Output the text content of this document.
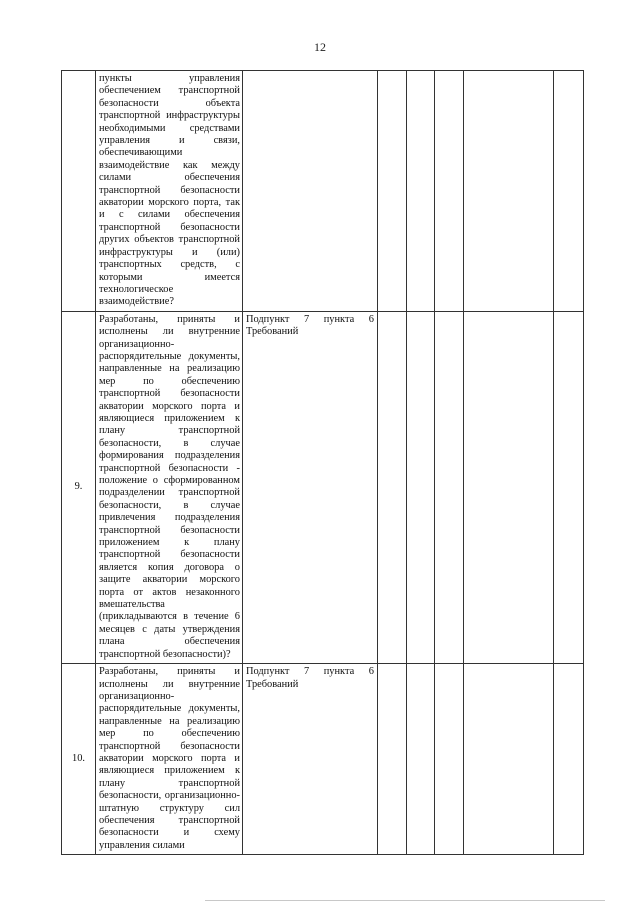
12
	пункты управления обеспечением транспортной безопасности объекта транспортной инфраструктуры необходимыми средствами управления и связи, обеспечивающими взаимодействие как между силами обеспечения транспортной безопасности акватории морского порта, так и с силами обеспечения транспортной безопасности других объектов транспортной инфраструктуры и (или) транспортных средств, с которыми имеется технологическое взаимодействие?	

9.	Разработаны, приняты и исполнены ли внутренние организационно-распорядительные документы, направленные на реализацию мер по обеспечению транспортной безопасности акватории морского порта и являющиеся приложением к плану транспортной безопасности, в случае формирования подразделения транспортной безопасности - положение о сформированном подразделении транспортной безопасности, в случае привлечения подразделения транспортной безопасности приложением к плану транспортной безопасности является копия договора о защите акватории морского порта от актов незаконного вмешательства (прикладываются в течение 6 месяцев с даты утверждения плана обеспечения транспортной безопасности)?	Подпункт 7 пункта 6
Требований					

10.	Разработаны, приняты и исполнены ли внутренние организационно-распорядительные документы, направленные на реализацию мер по обеспечению транспортной безопасности акватории морского порта и являющиеся приложением к плану транспортной безопасности, организационно-штатную структуру сил обеспечения транспортной безопасности и схему управления силами	Подпункт 7 пункта 6
Требований					
